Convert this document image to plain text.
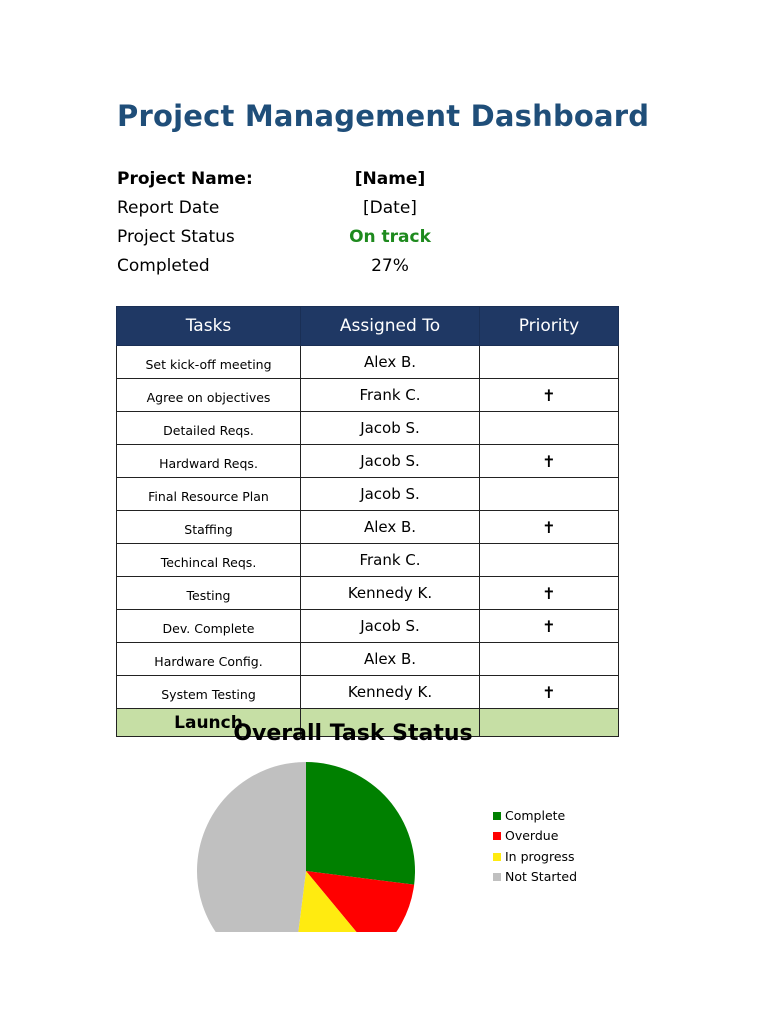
Project Management Dashboard
Project Name:	[Name]
Report Date	[Date]
Project Status	On track
Completed	27%
Tasks	Assigned To	Priority
Set kick-off meeting	Alex B.	
Agree on objectives	Frank C.	✝
Detailed Reqs.	Jacob S.	
Hardward Reqs.	Jacob S.	✝
Final Resource Plan	Jacob S.	
Staffing	Alex B.	✝
Techincal Reqs.	Frank C.	
Testing	Kennedy K.	✝
Dev. Complete	Jacob S.	✝
Hardware Config.	Alex B.	
System Testing	Kennedy K.	✝
Launch		
Overall Task Status
Complete
Overdue
In progress
Not Started
